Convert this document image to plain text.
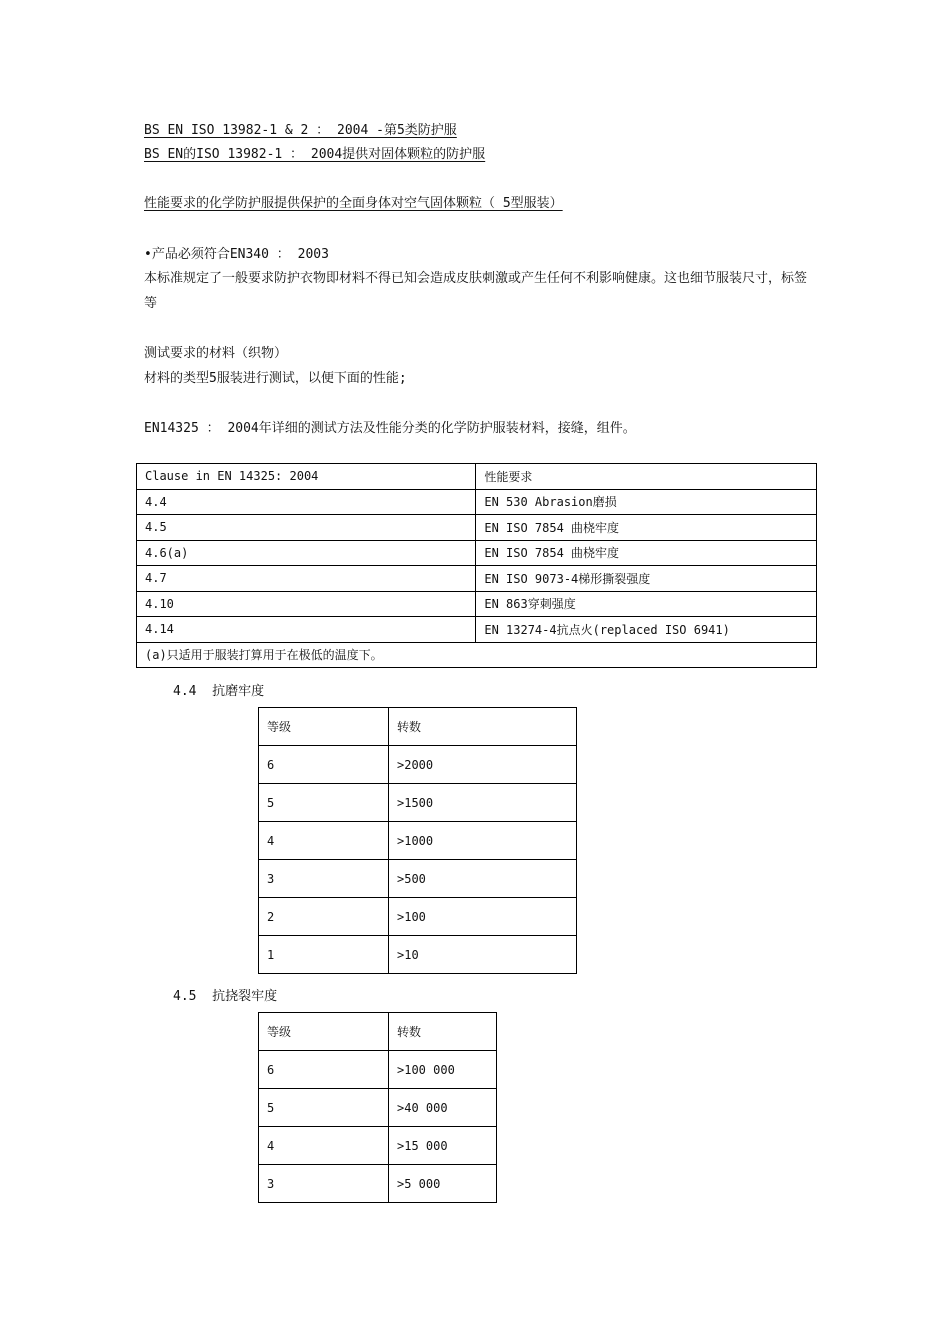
BS EN ISO 13982-1 & 2 ： 2004 -第5类防护服
BS EN的ISO 13982-1 ： 2004提供对固体颗粒的防护服
性能要求的化学防护服提供保护的全面身体对空气固体颗粒（ 5型服装）
•产品必须符合EN340 ： 2003
本标准规定了一般要求防护衣物即材料不得已知会造成皮肤刺激或产生任何不利影响健康。这也细节服装尺寸，标签等
测试要求的材料（织物）
材料的类型5服装进行测试，以便下面的性能;
EN14325 ： 2004年详细的测试方法及性能分类的化学防护服装材料，接缝，组件。
Clause in EN 14325: 2004	性能要求
4.4	EN 530 Abrasion磨损
4.5	EN ISO 7854 曲桡牢度
4.6(a)	EN ISO 7854 曲桡牢度
4.7	EN ISO 9073-4梯形撕裂强度
4.10	EN 863穿刺强度
4.14	EN 13274-4抗点火(replaced ISO 6941)
(a)只适用于服装打算用于在极低的温度下。	
4.4  抗磨牢度
等级	转数
6	>2000
5	>1500
4	>1000
3	>500
2	>100
1	>10
4.5  抗挠裂牢度
等级	转数
6	>100 000
5	>40 000
4	>15 000
3	>5 000
